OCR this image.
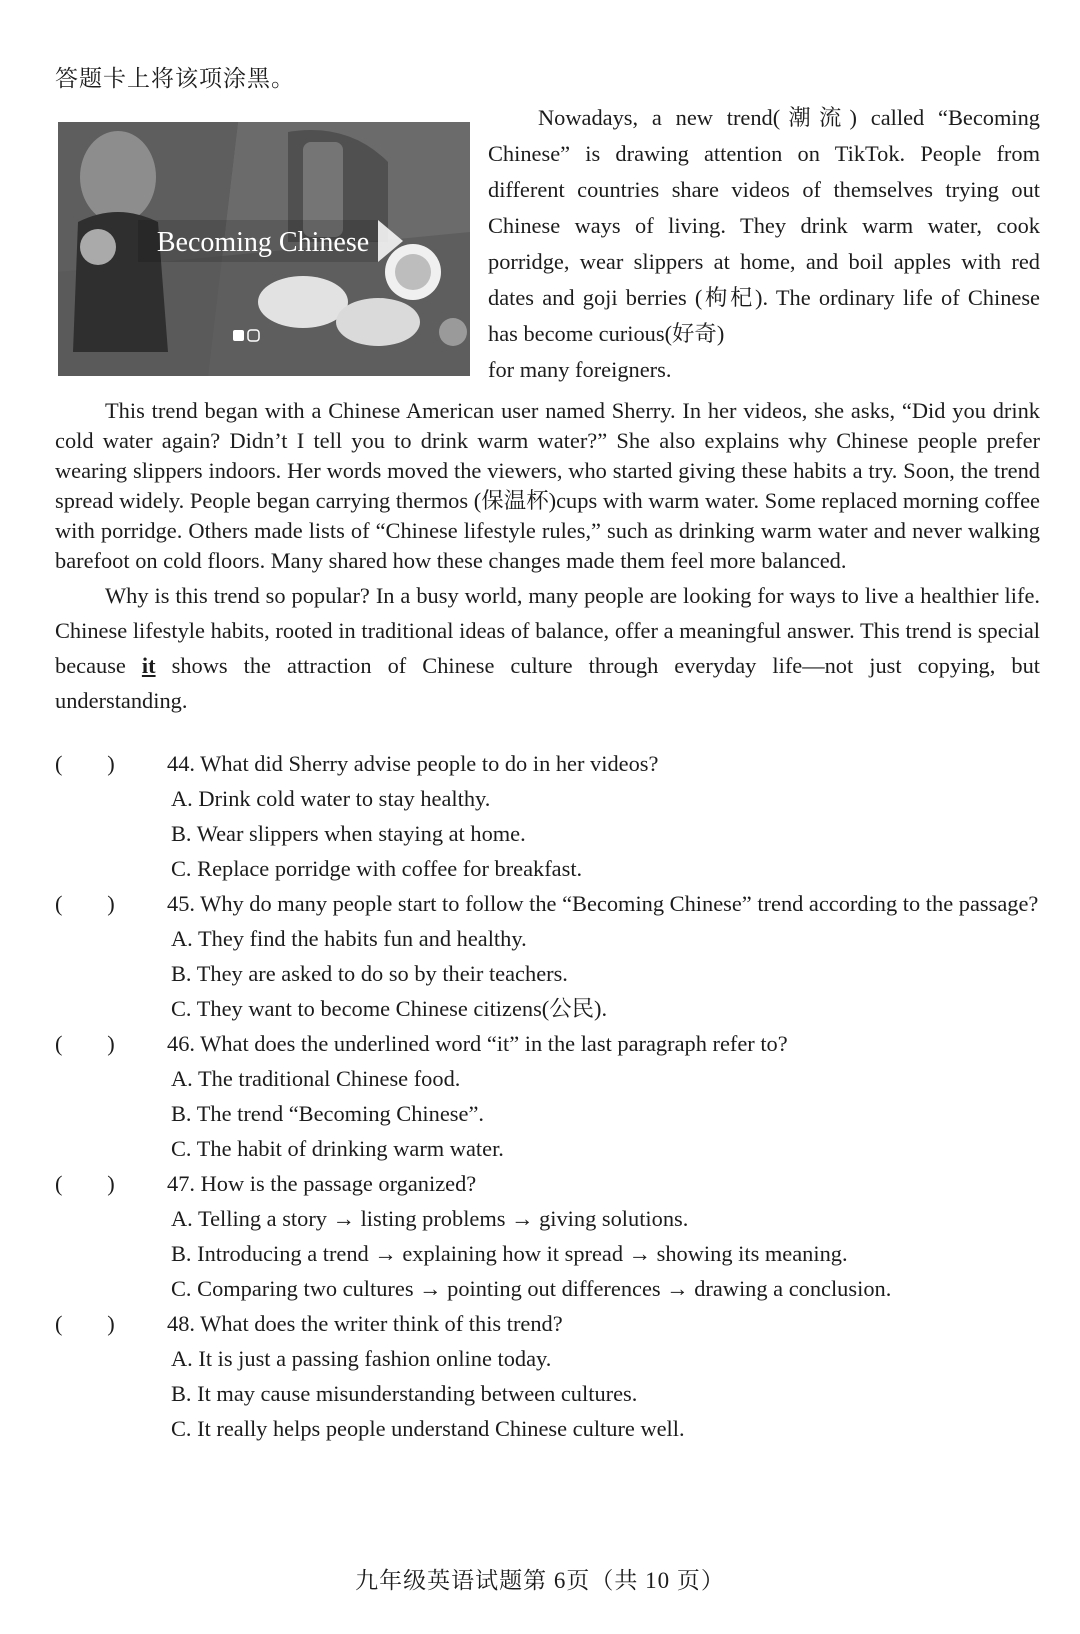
答题卡上将该项涂黑。
Becoming Chinese

Nowadays, a new trend(潮流) called “Becoming Chinese” is drawing attention on TikTok. People from different countries share videos of themselves trying out Chinese ways of living. They drink warm water, cook porridge, wear slippers at home, and boil apples with red dates and goji berries (枸杞). The ordinary life of Chinese has become curious(好奇)

for many foreigners.

This trend began with a Chinese American user named Sherry. In her videos, she asks, “Did you drink cold water again? Didn’t I tell you to drink warm water?” She also explains why Chinese people prefer wearing slippers indoors. Her words moved the viewers, who started giving these habits a try. Soon, the trend spread widely. People began carrying thermos (保温杯)cups with warm water. Some replaced morning coffee with porridge. Others made lists of “Chinese lifestyle rules,” such as drinking warm water and never walking barefoot on cold floors. Many shared how these changes made them feel more balanced.

Why is this trend so popular? In a busy world, many people are looking for ways to live a healthier life. Chinese lifestyle habits, rooted in traditional ideas of balance, offer a meaningful answer. This trend is special because it shows the attraction of Chinese culture through everyday life—not just copying, but understanding.

(        )	44. What did Sherry advise people to do in her videos?
A. Drink cold water to stay healthy.
B. Wear slippers when staying at home.
C. Replace porridge with coffee for breakfast.
(        )	45. Why do many people start to follow the “Becoming Chinese” trend according to the passage?
A. They find the habits fun and healthy.
B. They are asked to do so by their teachers.
C. They want to become Chinese citizens(公民).
(        )	46. What does the underlined word “it” in the last paragraph refer to?
A. The traditional Chinese food.
B. The trend “Becoming Chinese”.
C. The habit of drinking warm water.
(        )	47. How is the passage organized?
A. Telling a story → listing problems → giving solutions.
B. Introducing a trend → explaining how it spread → showing its meaning.
C. Comparing two cultures → pointing out differences → drawing a conclusion.
(        )	48. What does the writer think of this trend?
A. It is just a passing fashion online today.
B. It may cause misunderstanding between cultures.
C. It really helps people understand Chinese culture well.
九年级英语试题第 6页（共 10 页）
